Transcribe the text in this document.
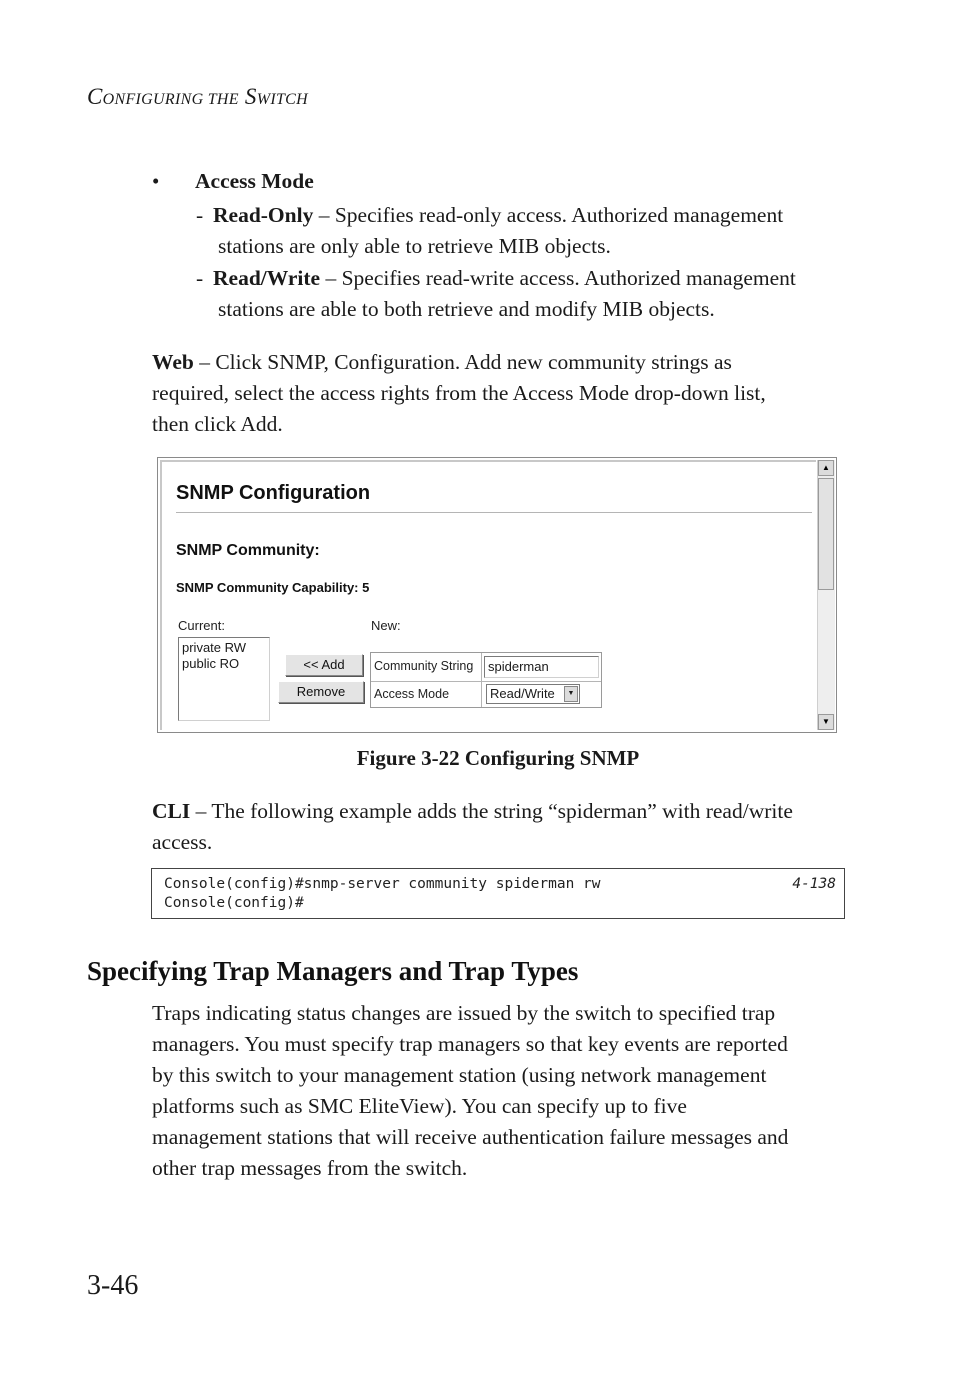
CONFIGURING THE SWITCH
• Access Mode
- Read-Only – Specifies read-only access. Authorized management
stations are only able to retrieve MIB objects.
- Read/Write – Specifies read-write access. Authorized management
stations are able to both retrieve and modify MIB objects.
Web – Click SNMP, Configuration. Add new community strings as
required, select the access rights from the Access Mode drop-down list,
then click Add.
SNMP Configuration
SNMP Community:
SNMP Community Capability: 5
Current:
private RW
public RO	<< Add
Remove
New:
Community String	spiderman
Access Mode	Read/Write	▼
▲
▼
Figure 3-22 Configuring SNMP
CLI – The following example adds the string “spiderman” with read/write
access.
Console(config)#snmp-server community spiderman rw	4-138
Console(config)#
Specifying Trap Managers and Trap Types
Traps indicating status changes are issued by the switch to specified trap
managers. You must specify trap managers so that key events are reported
by this switch to your management station (using network management
platforms such as SMC EliteView). You can specify up to five
management stations that will receive authentication failure messages and
other trap messages from the switch.
3-46
